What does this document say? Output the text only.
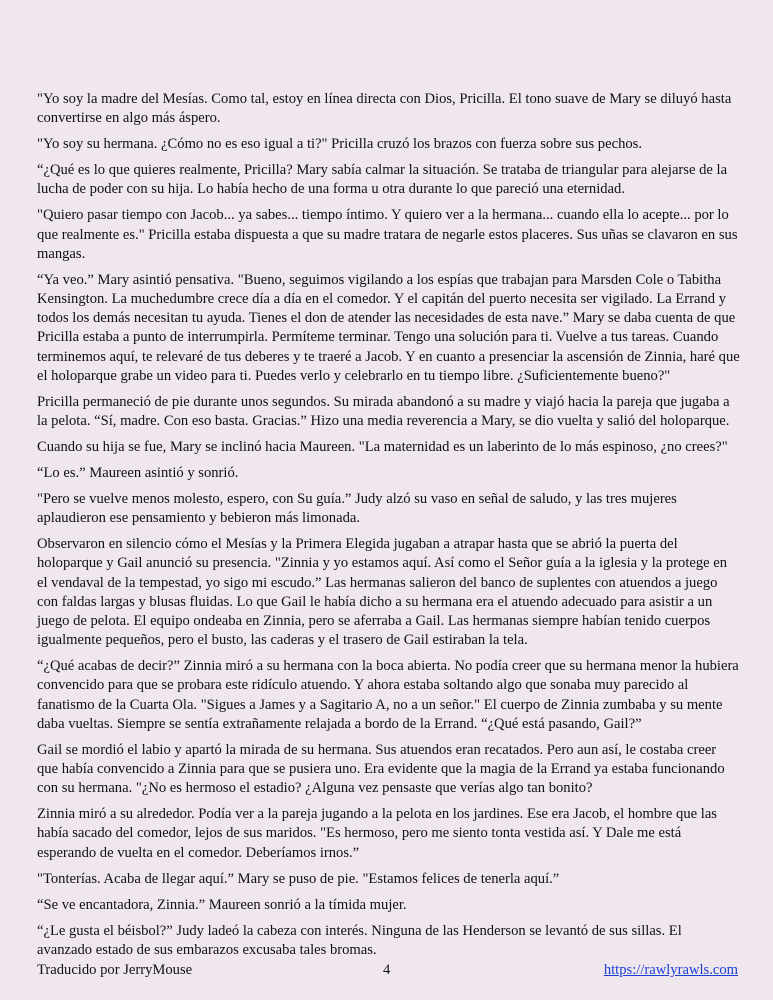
"Yo soy la madre del Mesías. Como tal, estoy en línea directa con Dios, Pricilla. El tono suave de Mary se diluyó hasta convertirse en algo más áspero.

"Yo soy su hermana. ¿Cómo no es eso igual a ti?" Pricilla cruzó los brazos con fuerza sobre sus pechos.

“¿Qué es lo que quieres realmente, Pricilla? Mary sabía calmar la situación. Se trataba de triangular para alejarse de la lucha de poder con su hija. Lo había hecho de una forma u otra durante lo que pareció una eternidad.

"Quiero pasar tiempo con Jacob... ya sabes... tiempo íntimo. Y quiero ver a la hermana... cuando ella lo acepte... por lo que realmente es." Pricilla estaba dispuesta a que su madre tratara de negarle estos placeres. Sus uñas se clavaron en sus mangas.

“Ya veo.” Mary asintió pensativa. "Bueno, seguimos vigilando a los espías que trabajan para Marsden Cole o Tabitha Kensington. La muchedumbre crece día a día en el comedor. Y el capitán del puerto necesita ser vigilado. La Errand y todos los demás necesitan tu ayuda. Tienes el don de atender las necesidades de esta nave.” Mary se daba cuenta de que Pricilla estaba a punto de interrumpirla. Permíteme terminar. Tengo una solución para ti. Vuelve a tus tareas. Cuando terminemos aquí, te relevaré de tus deberes y te traeré a Jacob. Y en cuanto a presenciar la ascensión de Zinnia, haré que el holoparque grabe un video para ti. Puedes verlo y celebrarlo en tu tiempo libre. ¿Suficientemente bueno?"

Pricilla permaneció de pie durante unos segundos. Su mirada abandonó a su madre y viajó hacia la pareja que jugaba a la pelota. “Sí, madre. Con eso basta. Gracias.” Hizo una media reverencia a Mary, se dio vuelta y salió del holoparque.

Cuando su hija se fue, Mary se inclinó hacia Maureen. "La maternidad es un laberinto de lo más espinoso, ¿no crees?"

“Lo es.” Maureen asintió y sonrió.

"Pero se vuelve menos molesto, espero, con Su guía.” Judy alzó su vaso en señal de saludo, y las tres mujeres aplaudieron ese pensamiento y bebieron más limonada.

Observaron en silencio cómo el Mesías y la Primera Elegida jugaban a atrapar hasta que se abrió la puerta del holoparque y Gail anunció su presencia. "Zinnia y yo estamos aquí. Así como el Señor guía a la iglesia y la protege en el vendaval de la tempestad, yo sigo mi escudo.” Las hermanas salieron del banco de suplentes con atuendos a juego con faldas largas y blusas fluidas. Lo que Gail le había dicho a su hermana era el atuendo adecuado para asistir a un juego de pelota. El equipo ondeaba en Zinnia, pero se aferraba a Gail. Las hermanas siempre habían tenido cuerpos igualmente pequeños, pero el busto, las caderas y el trasero de Gail estiraban la tela.

“¿Qué acabas de decir?” Zinnia miró a su hermana con la boca abierta. No podía creer que su hermana menor la hubiera convencido para que se probara este ridículo atuendo. Y ahora estaba soltando algo que sonaba muy parecido al fanatismo de la Cuarta Ola. "Sigues a James y a Sagitario A, no a un señor." El cuerpo de Zinnia zumbaba y su mente daba vueltas. Siempre se sentía extrañamente relajada a bordo de la Errand. “¿Qué está pasando, Gail?”

Gail se mordió el labio y apartó la mirada de su hermana. Sus atuendos eran recatados. Pero aun así, le costaba creer que había convencido a Zinnia para que se pusiera uno. Era evidente que la magia de la Errand ya estaba funcionando con su hermana. "¿No es hermoso el estadio? ¿Alguna vez pensaste que verías algo tan bonito?

Zinnia miró a su alrededor. Podía ver a la pareja jugando a la pelota en los jardines. Ese era Jacob, el hombre que las había sacado del comedor, lejos de sus maridos. "Es hermoso, pero me siento tonta vestida así. Y Dale me está esperando de vuelta en el comedor. Deberíamos irnos.”

"Tonterías. Acaba de llegar aquí.” Mary se puso de pie. "Estamos felices de tenerla aquí.”

“Se ve encantadora, Zinnia.” Maureen sonrió a la tímida mujer.

“¿Le gusta el béisbol?” Judy ladeó la cabeza con interés. Ninguna de las Henderson se levantó de sus sillas. El avanzado estado de sus embarazos excusaba tales bromas.

Traducido por JerryMouse	4	https://rawlyrawls.com
